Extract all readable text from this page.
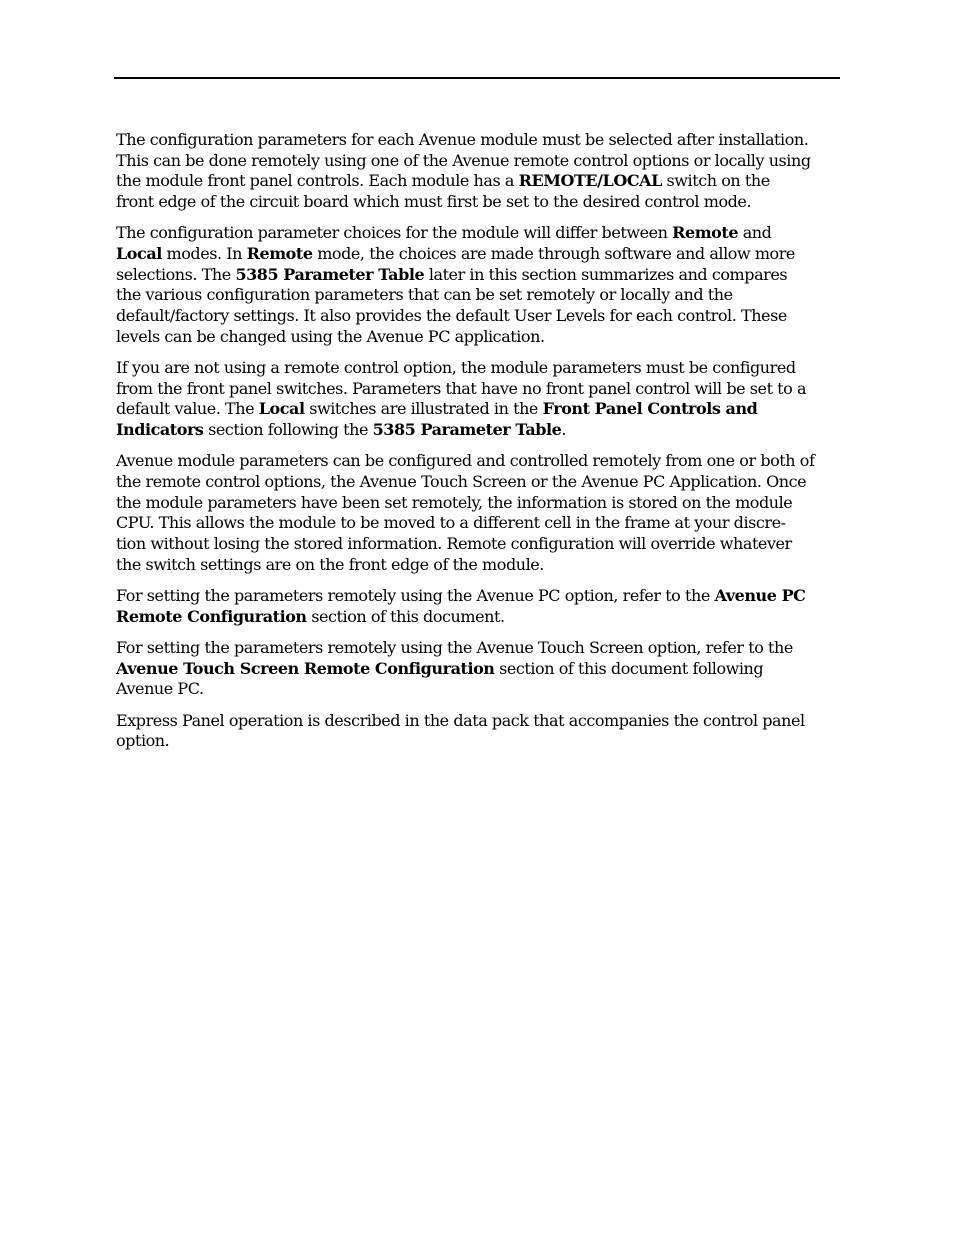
The configuration parameters for each Avenue module must be selected after installation.
This can be done remotely using one of the Avenue remote control options or locally using
the module front panel controls. Each module has a REMOTE/LOCAL switch on the
front edge of the circuit board which must first be set to the desired control mode.

The configuration parameter choices for the module will differ between Remote and
Local modes. In Remote mode, the choices are made through software and allow more
selections. The 5385 Parameter Table later in this section summarizes and compares
the various configuration parameters that can be set remotely or locally and the
default/factory settings. It also provides the default User Levels for each control. These
levels can be changed using the Avenue PC application.

If you are not using a remote control option, the module parameters must be configured
from the front panel switches. Parameters that have no front panel control will be set to a
default value. The Local switches are illustrated in the Front Panel Controls and
Indicators section following the 5385 Parameter Table.

Avenue module parameters can be configured and controlled remotely from one or both of
the remote control options, the Avenue Touch Screen or the Avenue PC Application. Once
the module parameters have been set remotely, the information is stored on the module
CPU. This allows the module to be moved to a different cell in the frame at your discre-
tion without losing the stored information. Remote configuration will override whatever
the switch settings are on the front edge of the module.

For setting the parameters remotely using the Avenue PC option, refer to the Avenue PC
Remote Configuration section of this document.

For setting the parameters remotely using the Avenue Touch Screen option, refer to the
Avenue Touch Screen Remote Configuration section of this document following
Avenue PC.

Express Panel operation is described in the data pack that accompanies the control panel
option.
